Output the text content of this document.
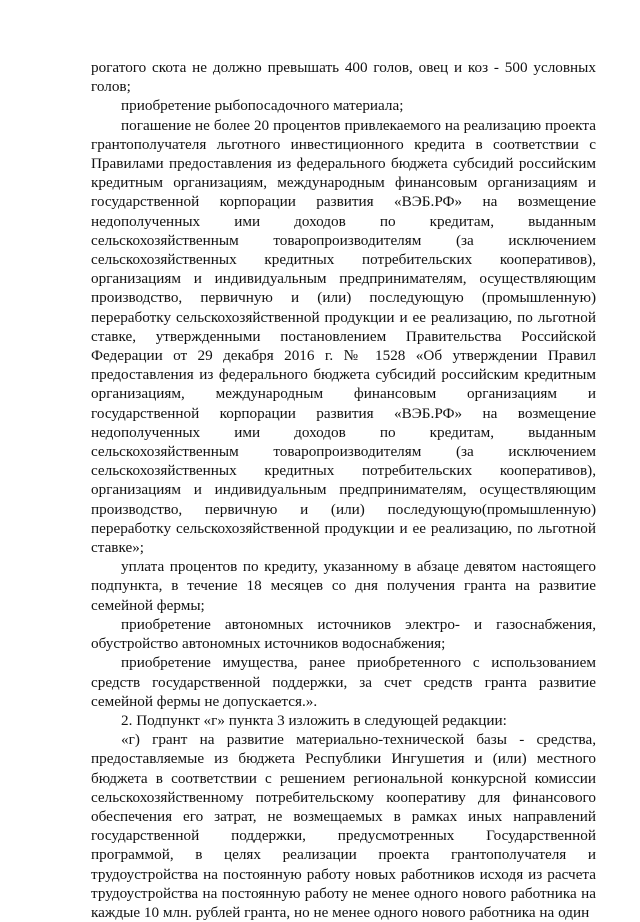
рогатого скота не должно превышать 400 голов, овец и коз - 500 условных голов;

приобретение рыбопосадочного материала;

погашение не более 20 процентов привлекаемого на реализацию проекта грантополучателя льготного инвестиционного кредита в соответствии с Правилами предоставления из федерального бюджета субсидий российским кредитным организациям, международным финансовым организациям и государственной корпорации развития «ВЭБ.РФ» на возмещение недополученных ими доходов по кредитам, выданным сельскохозяйственным товаропроизводителям (за исключением сельскохозяйственных кредитных потребительских кооперативов), организациям и индивидуальным предпринимателям, осуществляющим производство, первичную и (или) последующую (промышленную) переработку сельскохозяйственной продукции и ее реализацию, по льготной ставке, утвержденными постановлением Правительства Российской Федерации от 29 декабря 2016 г. № 1528 «Об утверждении Правил предоставления из федерального бюджета субсидий российским кредитным организациям, международным финансовым организациям и государственной корпорации развития «ВЭБ.РФ» на возмещение недополученных ими доходов по кредитам, выданным сельскохозяйственным товаропроизводителям (за исключением сельскохозяйственных кредитных потребительских кооперативов), организациям и индивидуальным предпринимателям, осуществляющим производство, первичную и (или) последующую(промышленную) переработку сельскохозяйственной продукции и ее реализацию, по льготной ставке»;

уплата процентов по кредиту, указанному в абзаце девятом настоящего подпункта, в течение 18 месяцев со дня получения гранта на развитие семейной фермы;

приобретение автономных источников электро- и газоснабжения, обустройство автономных источников водоснабжения;

приобретение имущества, ранее приобретенного с использованием средств государственной поддержки, за счет средств гранта развитие семейной фермы не допускается.».

2. Подпункт «г» пункта 3 изложить в следующей редакции:

«г) грант на развитие материально-технической базы - средства, предоставляемые из бюджета Республики Ингушетия и (или) местного бюджета в соответствии с решением региональной конкурсной комиссии сельскохозяйственному потребительскому кооперативу для финансового обеспечения его затрат, не возмещаемых в рамках иных направлений государственной поддержки, предусмотренных Государственной программой, в целях реализации проекта грантополучателя и трудоустройства на постоянную работу новых работников исходя из расчета трудоустройства на постоянную работу не менее одного нового работника на каждые 10 млн. рублей гранта, но не менее одного нового работника на один
